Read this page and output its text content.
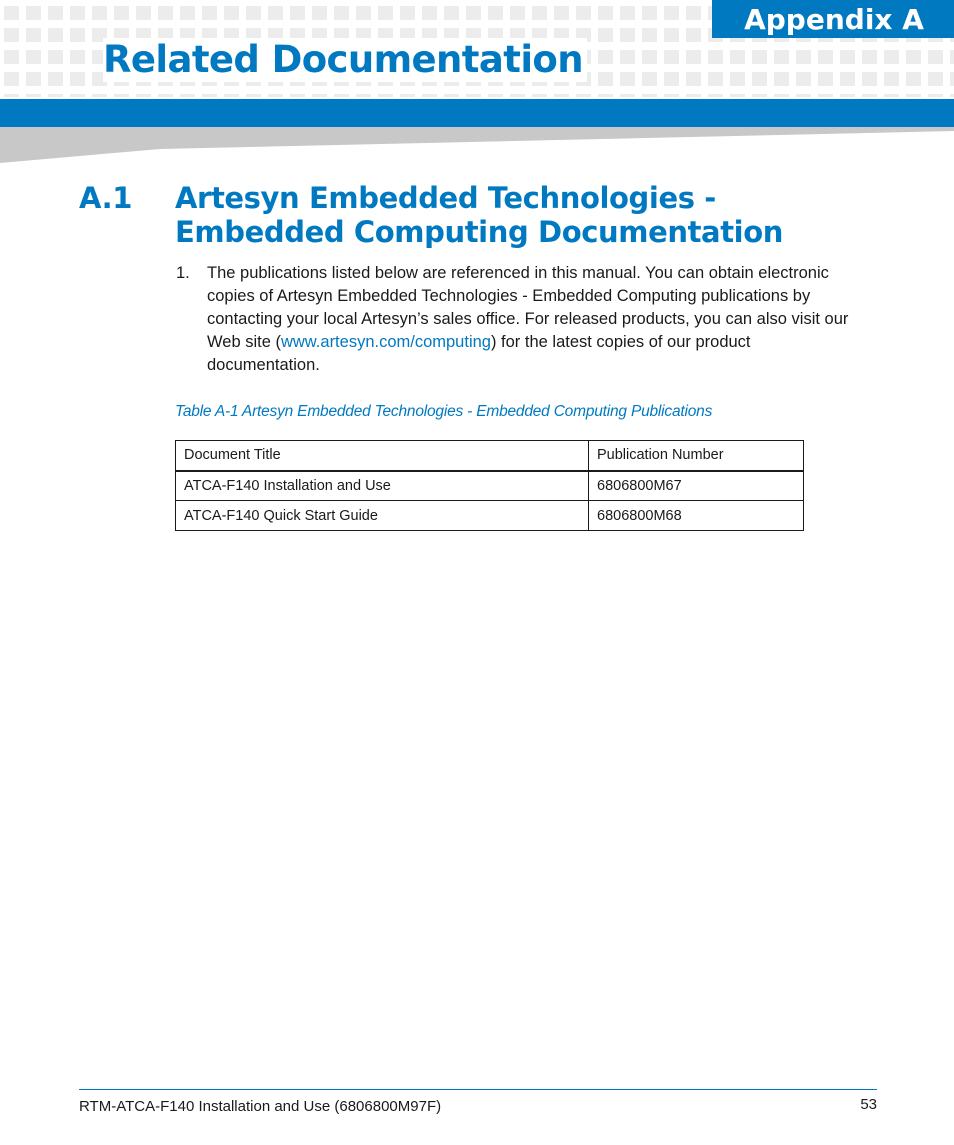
Appendix A
Related Documentation
A.1 Artesyn Embedded Technologies - Embedded Computing Documentation
1. The publications listed below are referenced in this manual. You can obtain electronic copies of Artesyn Embedded Technologies - Embedded Computing publications by contacting your local Artesyn’s sales office. For released products, you can also visit our Web site (www.artesyn.com/computing) for the latest copies of our product documentation.
Table A-1 Artesyn Embedded Technologies - Embedded Computing Publications
Document Title	Publication Number
ATCA-F140 Installation and Use	6806800M67
ATCA-F140 Quick Start Guide	6806800M68
RTM-ATCA-F140 Installation and Use (6806800M97F)	53
